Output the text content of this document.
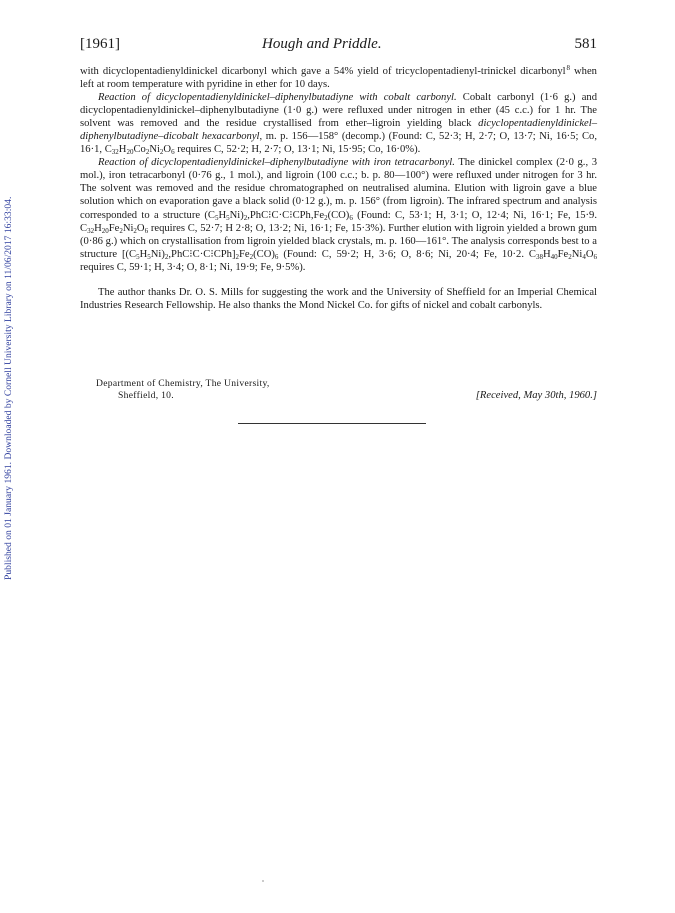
Published on 01 January 1961. Downloaded by Cornell University Library on 11/06/2017 16:33:04.
[1961]	Hough and Priddle.	581

with dicyclopentadienyldinickel dicarbonyl which gave a 54% yield of tricyclopentadienyl-trinickel dicarbonyl $^8$ when left at room temperature with pyridine in ether for 10 days.

Reaction of dicyclopentadienyldinickel–diphenylbutadiyne with cobalt carbonyl. Cobalt carbonyl (1·6 g.) and dicyclopentadienyldinickel–diphenylbutadiyne (1·0 g.) were refluxed under nitrogen in ether (45 c.c.) for 1 hr. The solvent was removed and the residue crystallised from ether–ligroin yielding black dicyclopentadienyldinickel–diphenylbutadiyne–dicobalt hexacarbonyl, m. p. 156—158° (decomp.) (Found: C, 52·3; H, 2·7; O, 13·7; Ni, 16·5; Co, 16·1, $C_{32}H_{20}Co_2Ni_2O_6$ requires C, 52·2; H, 2·7; O, 13·1; Ni, 15·95; Co, 16·0%).

Reaction of dicyclopentadienyldinickel–diphenylbutadiyne with iron tetracarbonyl. The dinickel complex (2·0 g., 3 mol.), iron tetracarbonyl (0·76 g., 1 mol.), and ligroin (100 c.c.; b. p. 80—100°) were refluxed under nitrogen for 3 hr. The solvent was removed and the residue chromatographed on neutralised alumina. Elution with ligroin gave a blue solution which on evaporation gave a black solid (0·12 g.), m. p. 156° (from ligroin). The infrared spectrum and analysis corresponded to a structure $(C_5H_5Ni)_2,PhC⁝C\cdot C⁝CPh,Fe_2(CO)_6$ (Found: C, 53·1; H, 3·1; O, 12·4; Ni, 16·1; Fe, 15·9. $C_{32}H_{20}Fe_2Ni_2O_6$ requires C, 52·7; H 2·8; O, 13·2; Ni, 16·1; Fe, 15·3%). Further elution with ligroin yielded a brown gum (0·86 g.) which on crystallisation from ligroin yielded black crystals, m. p. 160—161°. The analysis corresponds best to a structure $[(C_5H_5Ni)_2,PhC⁝C\cdot C⁝CPh]_2Fe_2(CO)_6$ (Found: C, 59·2; H, 3·6; O, 8·6; Ni, 20·4; Fe, 10·2. $C_{38}H_{40}Fe_2Ni_4O_6$ requires C, 59·1; H, 3·4; O, 8·1; Ni, 19·9; Fe, 9·5%).

The author thanks Dr. O. S. Mills for suggesting the work and the University of Sheffield for an Imperial Chemical Industries Research Fellowship. He also thanks the Mond Nickel Co. for gifts of nickel and cobalt carbonyls.

Department of Chemistry, The University,
Sheffield, 10.	[Received, May 30th, 1960.]
